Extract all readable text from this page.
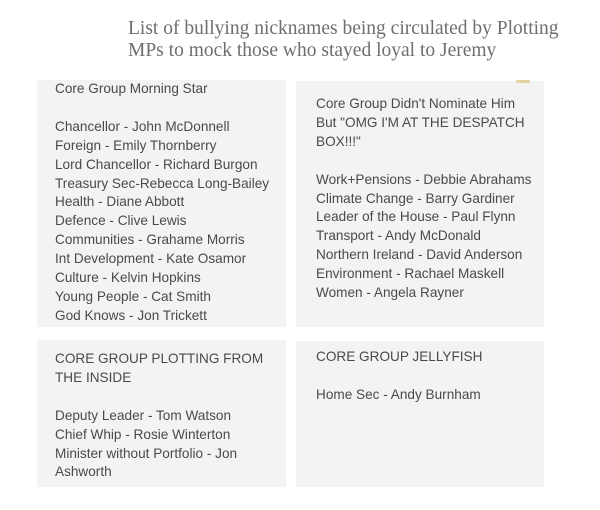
List of bullying nicknames being circulated by Plotting
MPs to mock those who stayed loyal to Jeremy
Core Group Morning Star
Chancellor - John McDonnell
Foreign - Emily Thornberry
Lord Chancellor - Richard Burgon
Treasury Sec-Rebecca Long-Bailey
Health - Diane Abbott
Defence - Clive Lewis
Communities - Grahame Morris
Int Development - Kate Osamor
Culture - Kelvin Hopkins
Young People - Cat Smith
God Knows - Jon Trickett
Core Group Didn't Nominate Him
But "OMG I'M AT THE DESPATCH
BOX!!!"
Work+Pensions - Debbie Abrahams
Climate Change - Barry Gardiner
Leader of the House - Paul Flynn
Transport - Andy McDonald
Northern Ireland - David Anderson
Environment - Rachael Maskell
Women - Angela Rayner
CORE GROUP PLOTTING FROM
THE INSIDE
Deputy Leader - Tom Watson
Chief Whip - Rosie Winterton
Minister without Portfolio - Jon
Ashworth
CORE GROUP JELLYFISH
Home Sec - Andy Burnham
